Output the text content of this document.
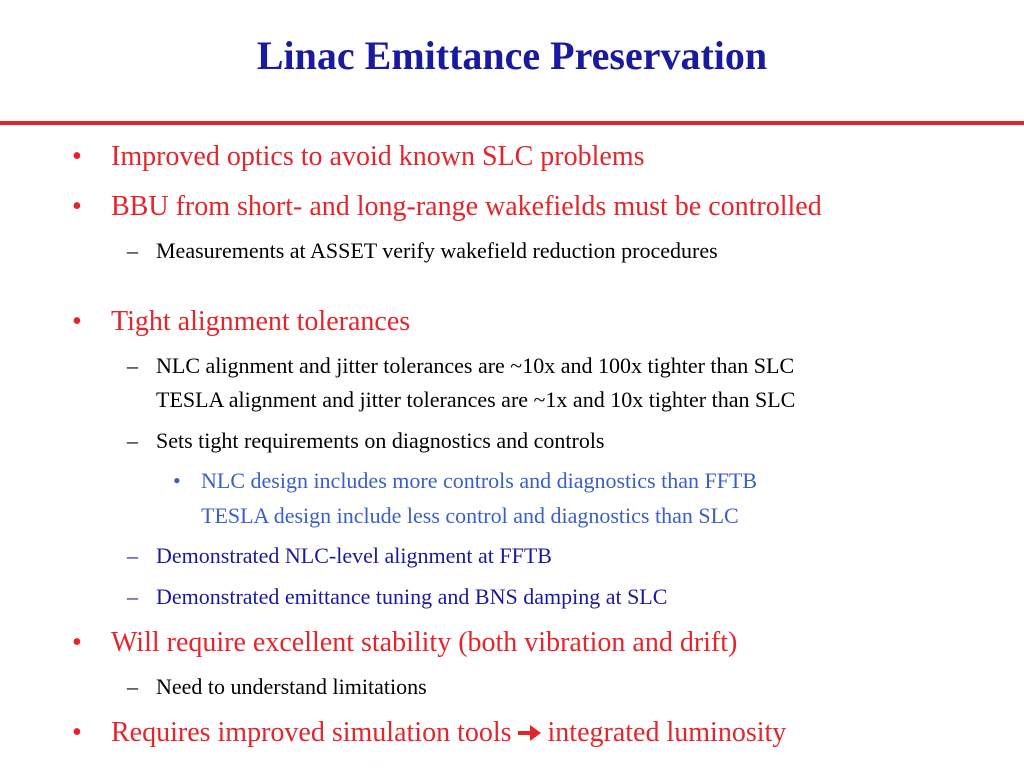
Linac Emittance Preservation
• Improved optics to avoid known SLC problems
• BBU from short- and long-range wakefields must be controlled
– Measurements at ASSET verify wakefield reduction procedures
• Tight alignment tolerances
– NLC alignment and jitter tolerances are ~10x and 100x tighter than SLC
TESLA alignment and jitter tolerances are ~1x and 10x tighter than SLC
– Sets tight requirements on diagnostics and controls
• NLC design includes more controls and diagnostics than FFTB
TESLA design include less control and diagnostics than SLC
– Demonstrated NLC-level alignment at FFTB
– Demonstrated emittance tuning and BNS damping at SLC
• Will require excellent stability (both vibration and drift)
– Need to understand limitations
• Requires improved simulation tools integrated luminosity
